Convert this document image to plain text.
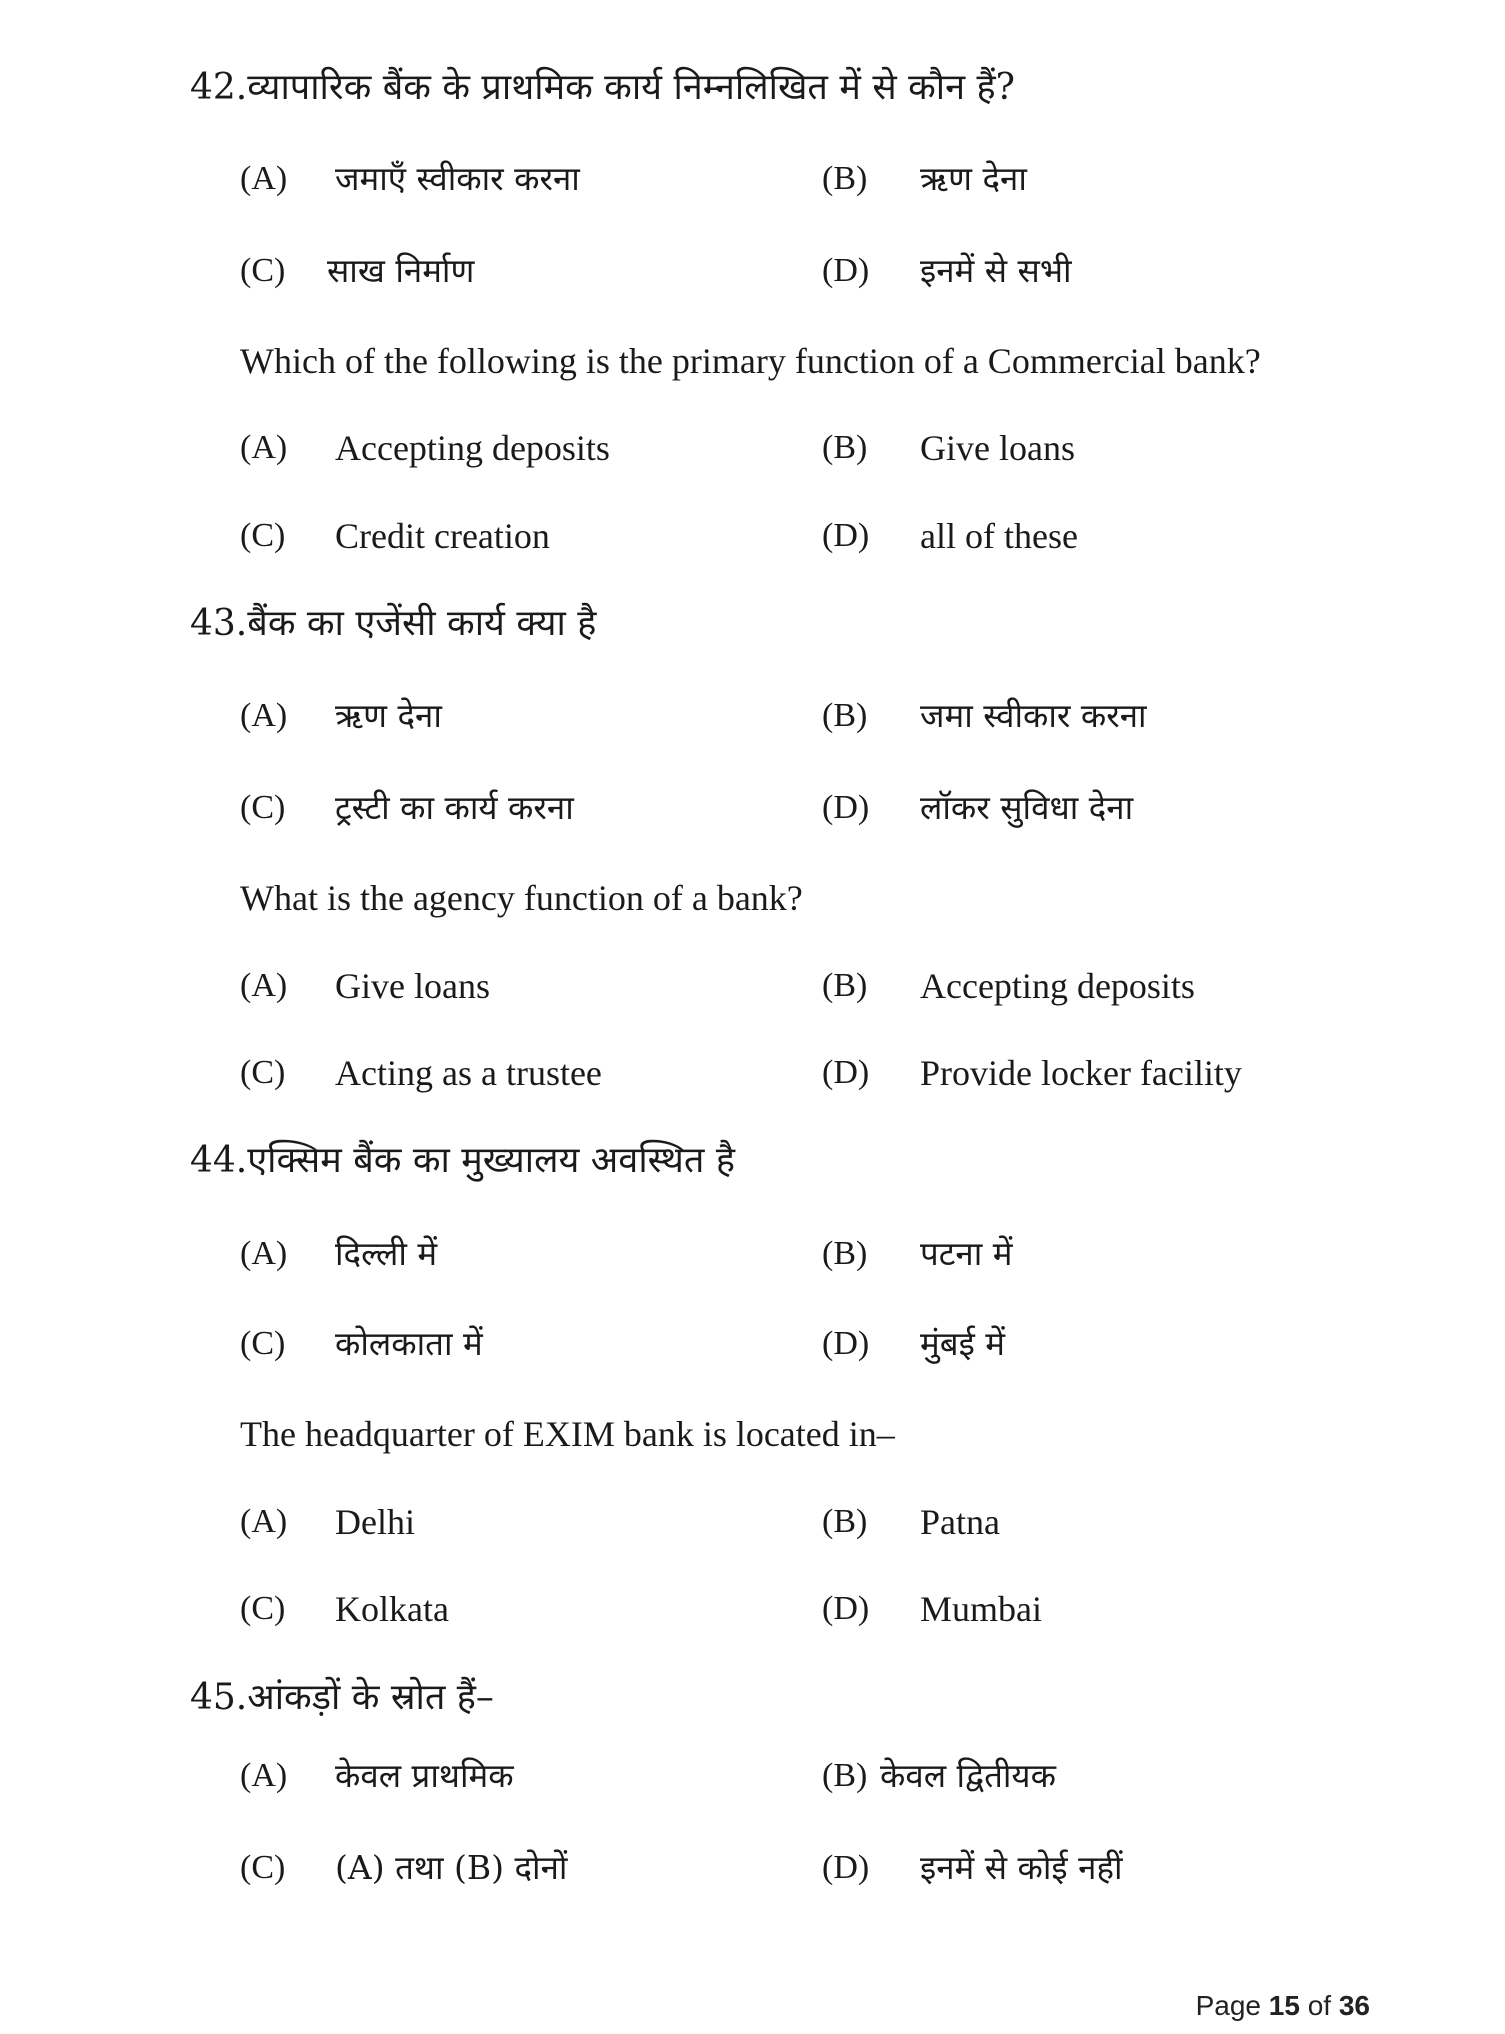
42.व्यापारिक बैंक के प्राथमिक कार्य निम्नलिखित में से कौन हैं?
(A) जमाएँ स्वीकार करना	(B) ऋण देना
(C) साख निर्माण	(D) इनमें से सभी
Which of the following is the primary function of a Commercial bank?
(A) Accepting deposits	(B) Give loans
(C) Credit creation	(D) all of these
43.बैंक का एजेंसी कार्य क्या है
(A) ऋण देना	(B) जमा स्वीकार करना
(C) ट्रस्टी का कार्य करना	(D) लॉकर सुविधा देना
What is the agency function of a bank?
(A) Give loans	(B) Accepting deposits
(C) Acting as a trustee	(D) Provide locker facility
44.एक्सिम बैंक का मुख्यालय अवस्थित है
(A) दिल्ली में	(B) पटना में
(C) कोलकाता में	(D) मुंबई में
The headquarter of EXIM bank is located in–
(A) Delhi	(B) Patna
(C) Kolkata	(D) Mumbai
45.आंकड़ों के स्रोत हैं–
(A) केवल प्राथमिक	(B) केवल द्वितीयक
(C) (A) तथा (B) दोनों	(D) इनमें से कोई नहीं
Page 15 of 36
